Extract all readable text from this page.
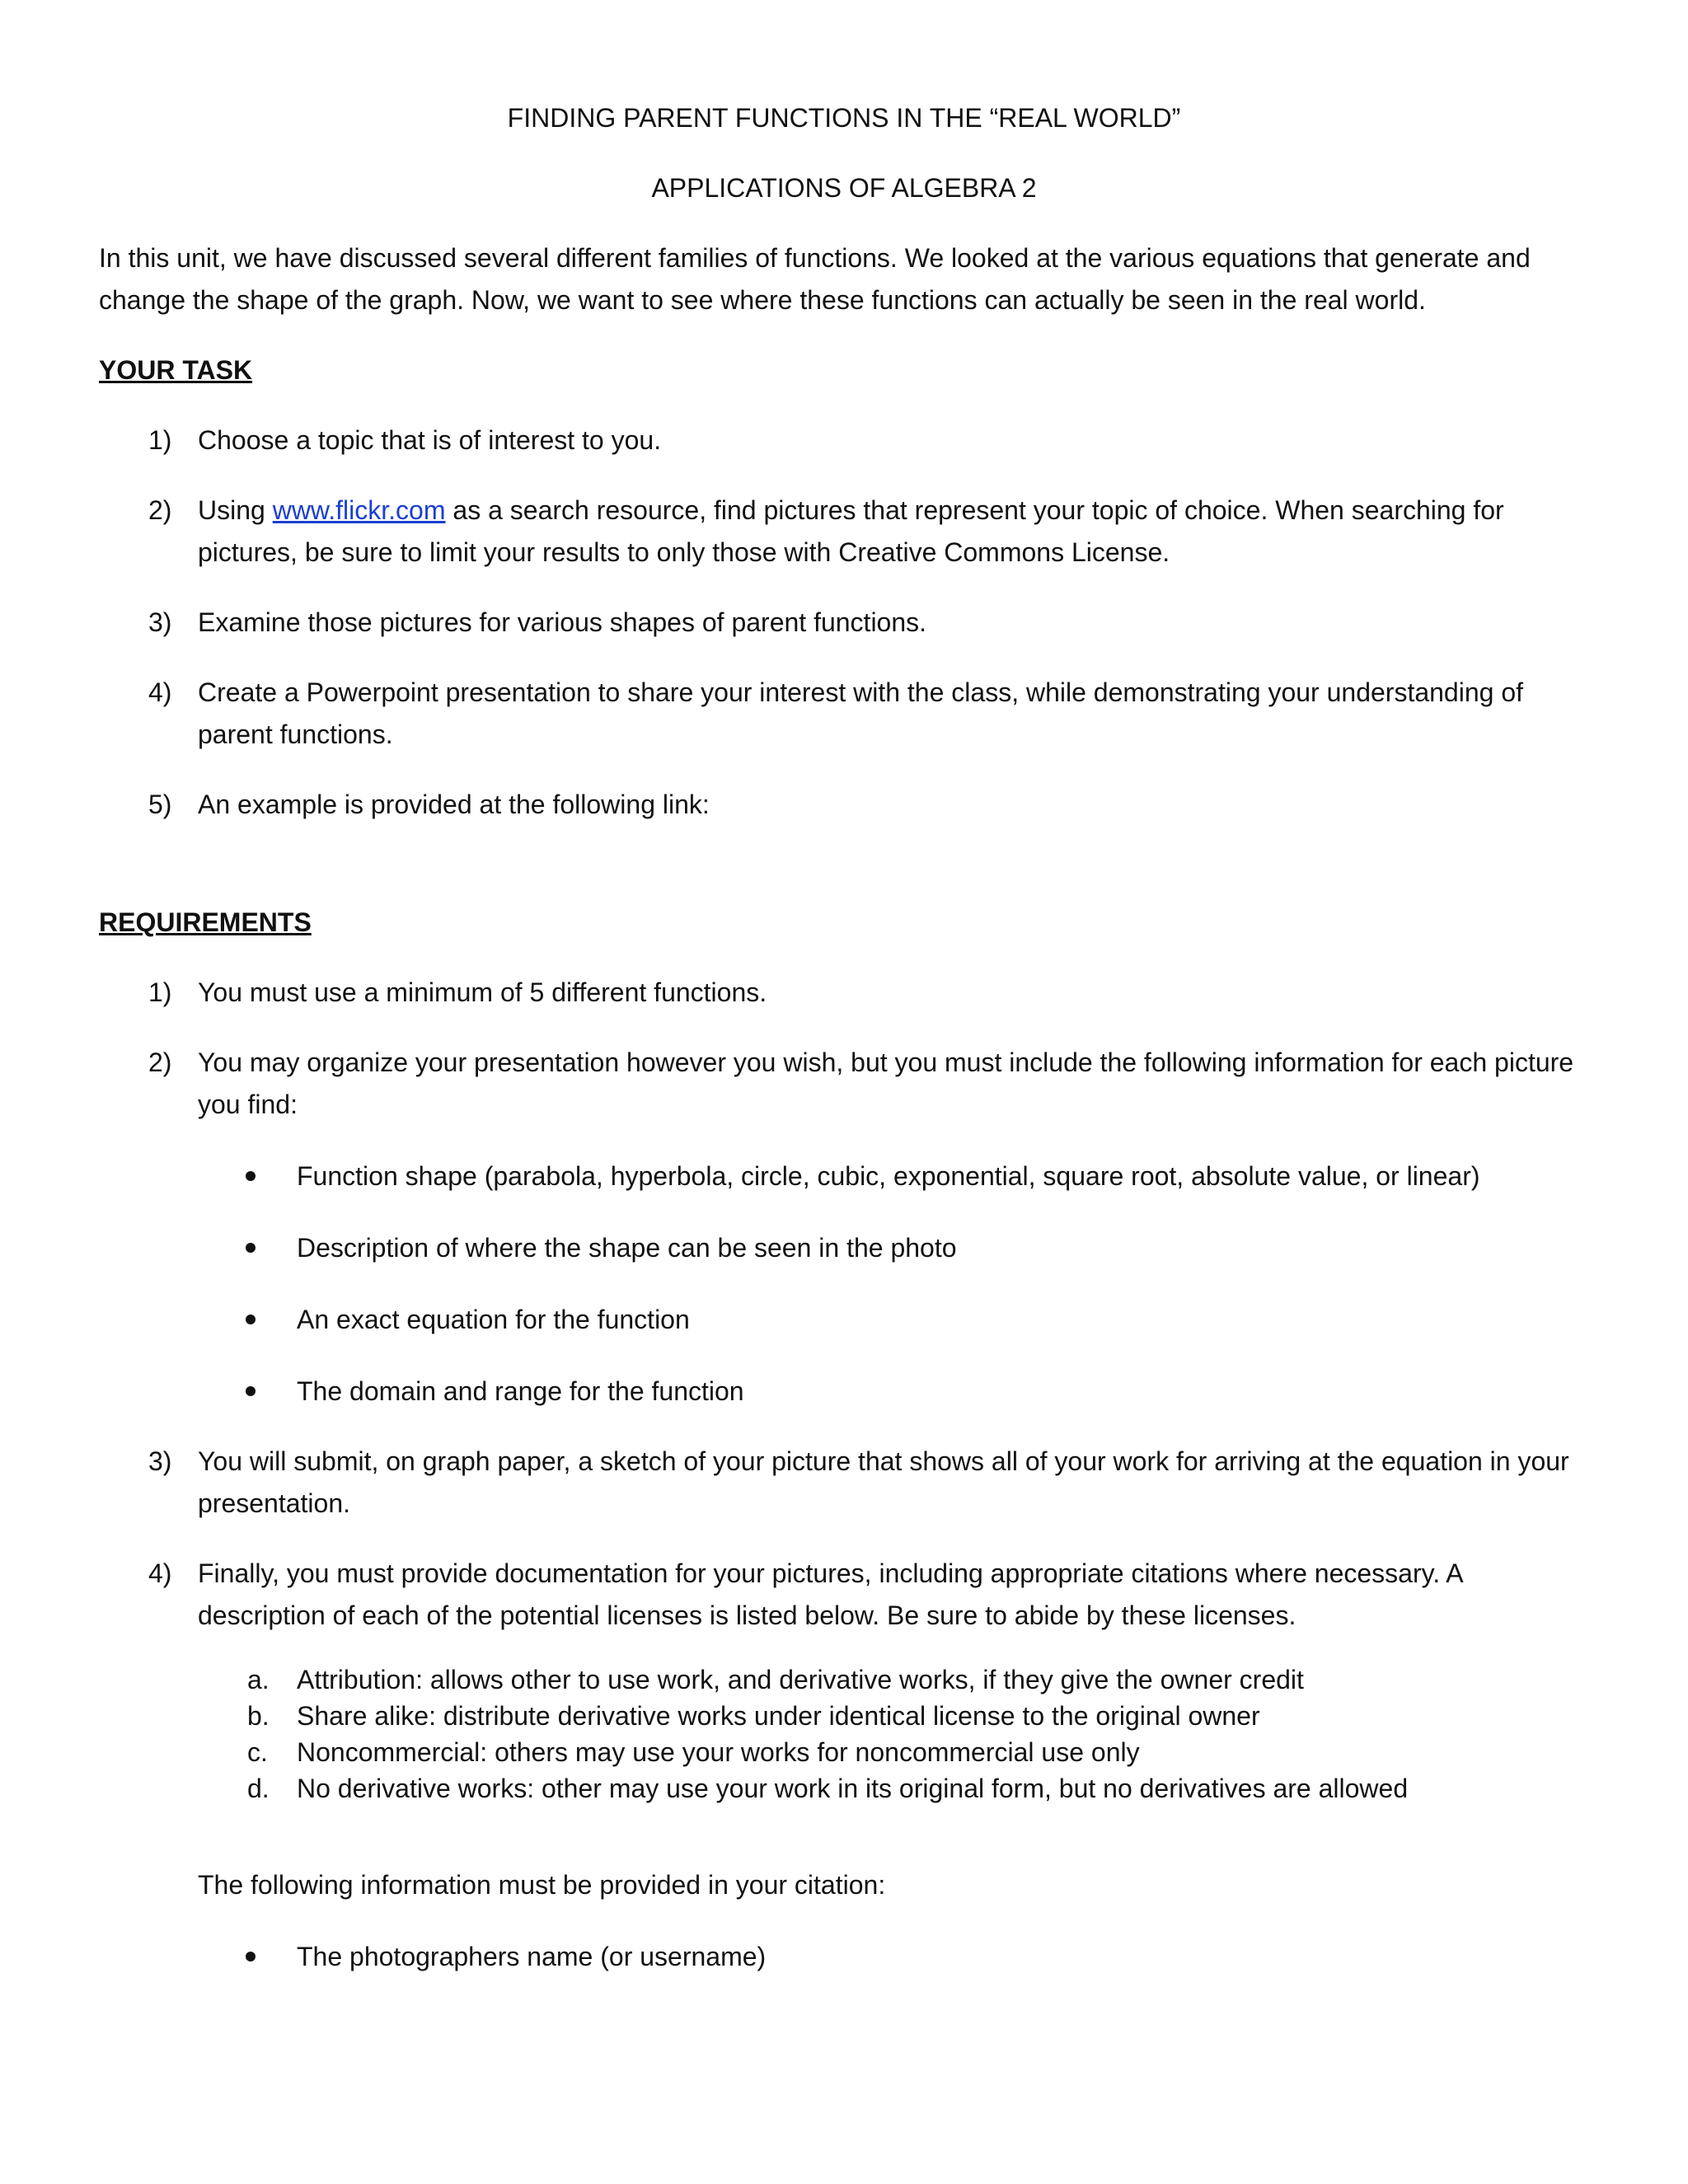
FINDING PARENT FUNCTIONS IN THE “REAL WORLD”

APPLICATIONS OF ALGEBRA 2

In this unit, we have discussed several different families of functions. We looked at the various equations that generate and change the shape of the graph. Now, we want to see where these functions can actually be seen in the real world.

YOUR TASK

1) Choose a topic that is of interest to you.
2) Using www.flickr.com as a search resource, find pictures that represent your topic of choice. When searching for pictures, be sure to limit your results to only those with Creative Commons License.
3) Examine those pictures for various shapes of parent functions.
4) Create a Powerpoint presentation to share your interest with the class, while demonstrating your understanding of parent functions.
5) An example is provided at the following link:

REQUIREMENTS

1) You must use a minimum of 5 different functions.
2) You may organize your presentation however you wish, but you must include the following information for each picture you find:
Function shape (parabola, hyperbola, circle, cubic, exponential, square root, absolute value, or linear)
Description of where the shape can be seen in the photo
An exact equation for the function
The domain and range for the function
3) You will submit, on graph paper, a sketch of your picture that shows all of your work for arriving at the equation in your presentation.
4) Finally, you must provide documentation for your pictures, including appropriate citations where necessary. A description of each of the potential licenses is listed below. Be sure to abide by these licenses.
a. Attribution: allows other to use work, and derivative works, if they give the owner credit
b. Share alike: distribute derivative works under identical license to the original owner
c. Noncommercial: others may use your works for noncommercial use only
d. No derivative works: other may use your work in its original form, but no derivatives are allowed

The following information must be provided in your citation:

The photographers name (or username)
